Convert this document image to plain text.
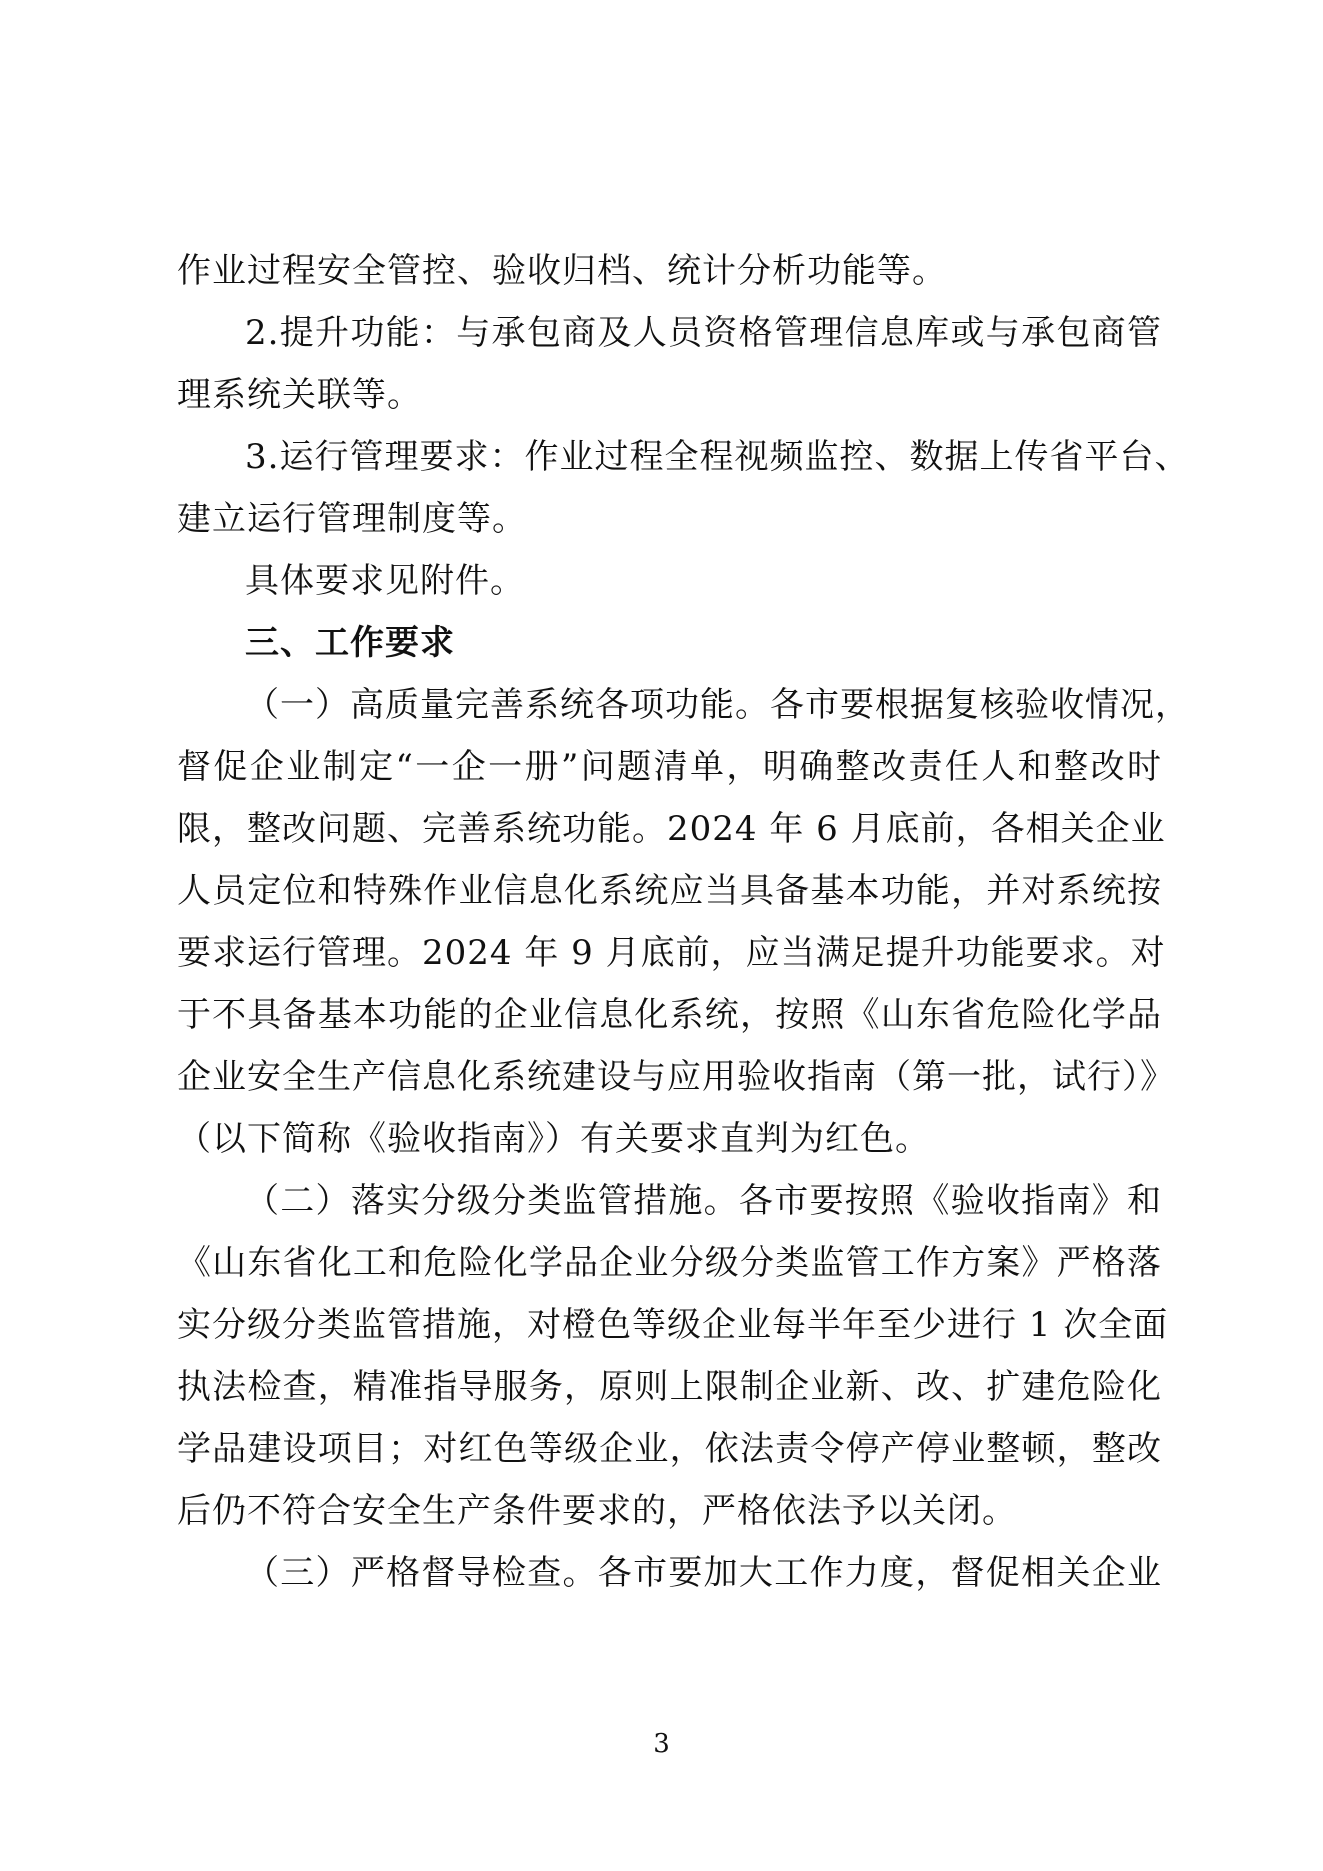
作业过程安全管控、验收归档、统计分析功能等。
2.提升功能：与承包商及人员资格管理信息库或与承包商管
理系统关联等。
3.运行管理要求：作业过程全程视频监控、数据上传省平台、
建立运行管理制度等。
具体要求见附件。
三、工作要求
（一）高质量完善系统各项功能。各市要根据复核验收情况，
督促企业制定“一企一册”问题清单，明确整改责任人和整改时
限，整改问题、完善系统功能。2024 年 6 月底前，各相关企业
人员定位和特殊作业信息化系统应当具备基本功能，并对系统按
要求运行管理。2024 年 9 月底前，应当满足提升功能要求。对
于不具备基本功能的企业信息化系统，按照《山东省危险化学品
企业安全生产信息化系统建设与应用验收指南（第一批，试行）》
（以下简称《验收指南》）有关要求直判为红色。
（二）落实分级分类监管措施。各市要按照《验收指南》和
《山东省化工和危险化学品企业分级分类监管工作方案》严格落
实分级分类监管措施，对橙色等级企业每半年至少进行 1 次全面
执法检查，精准指导服务，原则上限制企业新、改、扩建危险化
学品建设项目；对红色等级企业，依法责令停产停业整顿，整改
后仍不符合安全生产条件要求的，严格依法予以关闭。
（三）严格督导检查。各市要加大工作力度，督促相关企业
3
